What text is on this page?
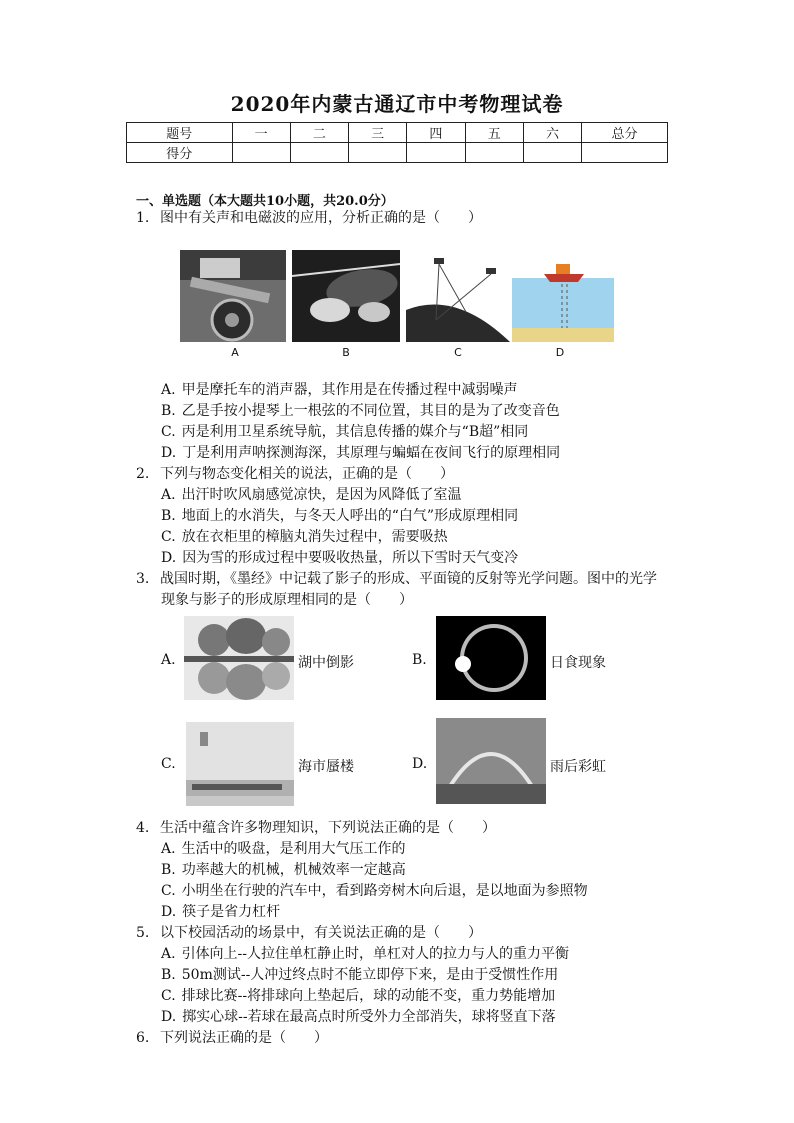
2020年内蒙古通辽市中考物理试卷
题号	一	二	三	四	五	六	总分
得分							
一、单选题（本大题共10小题，共20.0分）
1. 图中有关声和电磁波的应用，分析正确的是（　　）
A	B	C	D
A. 甲是摩托车的消声器，其作用是在传播过程中减弱噪声
B. 乙是手按小提琴上一根弦的不同位置，其目的是为了改变音色
C. 丙是利用卫星系统导航，其信息传播的媒介与“B超”相同
D. 丁是利用声呐探测海深，其原理与蝙蝠在夜间飞行的原理相同
2. 下列与物态变化相关的说法，正确的是（　　）
A. 出汗时吹风扇感觉凉快，是因为风降低了室温
B. 地面上的水消失，与冬天人呼出的“白气”形成原理相同
C. 放在衣柜里的樟脑丸消失过程中，需要吸热
D. 因为雪的形成过程中要吸收热量，所以下雪时天气变冷
3. 战国时期，《墨经》中记载了影子的形成、平面镜的反射等光学问题。图中的光学
现象与影子的形成原理相同的是（　　）
A.	湖中倒影	B.	日食现象
C.	海市蜃楼	D.	雨后彩虹
4. 生活中蕴含许多物理知识，下列说法正确的是（　　）
A. 生活中的吸盘，是利用大气压工作的
B. 功率越大的机械，机械效率一定越高
C. 小明坐在行驶的汽车中，看到路旁树木向后退，是以地面为参照物
D. 筷子是省力杠杆
5. 以下校园活动的场景中，有关说法正确的是（　　）
A. 引体向上--人拉住单杠静止时，单杠对人的拉力与人的重力平衡
B. 50m测试--人冲过终点时不能立即停下来，是由于受惯性作用
C. 排球比赛--将排球向上垫起后，球的动能不变，重力势能增加
D. 掷实心球--若球在最高点时所受外力全部消失，球将竖直下落
6. 下列说法正确的是（　　）
